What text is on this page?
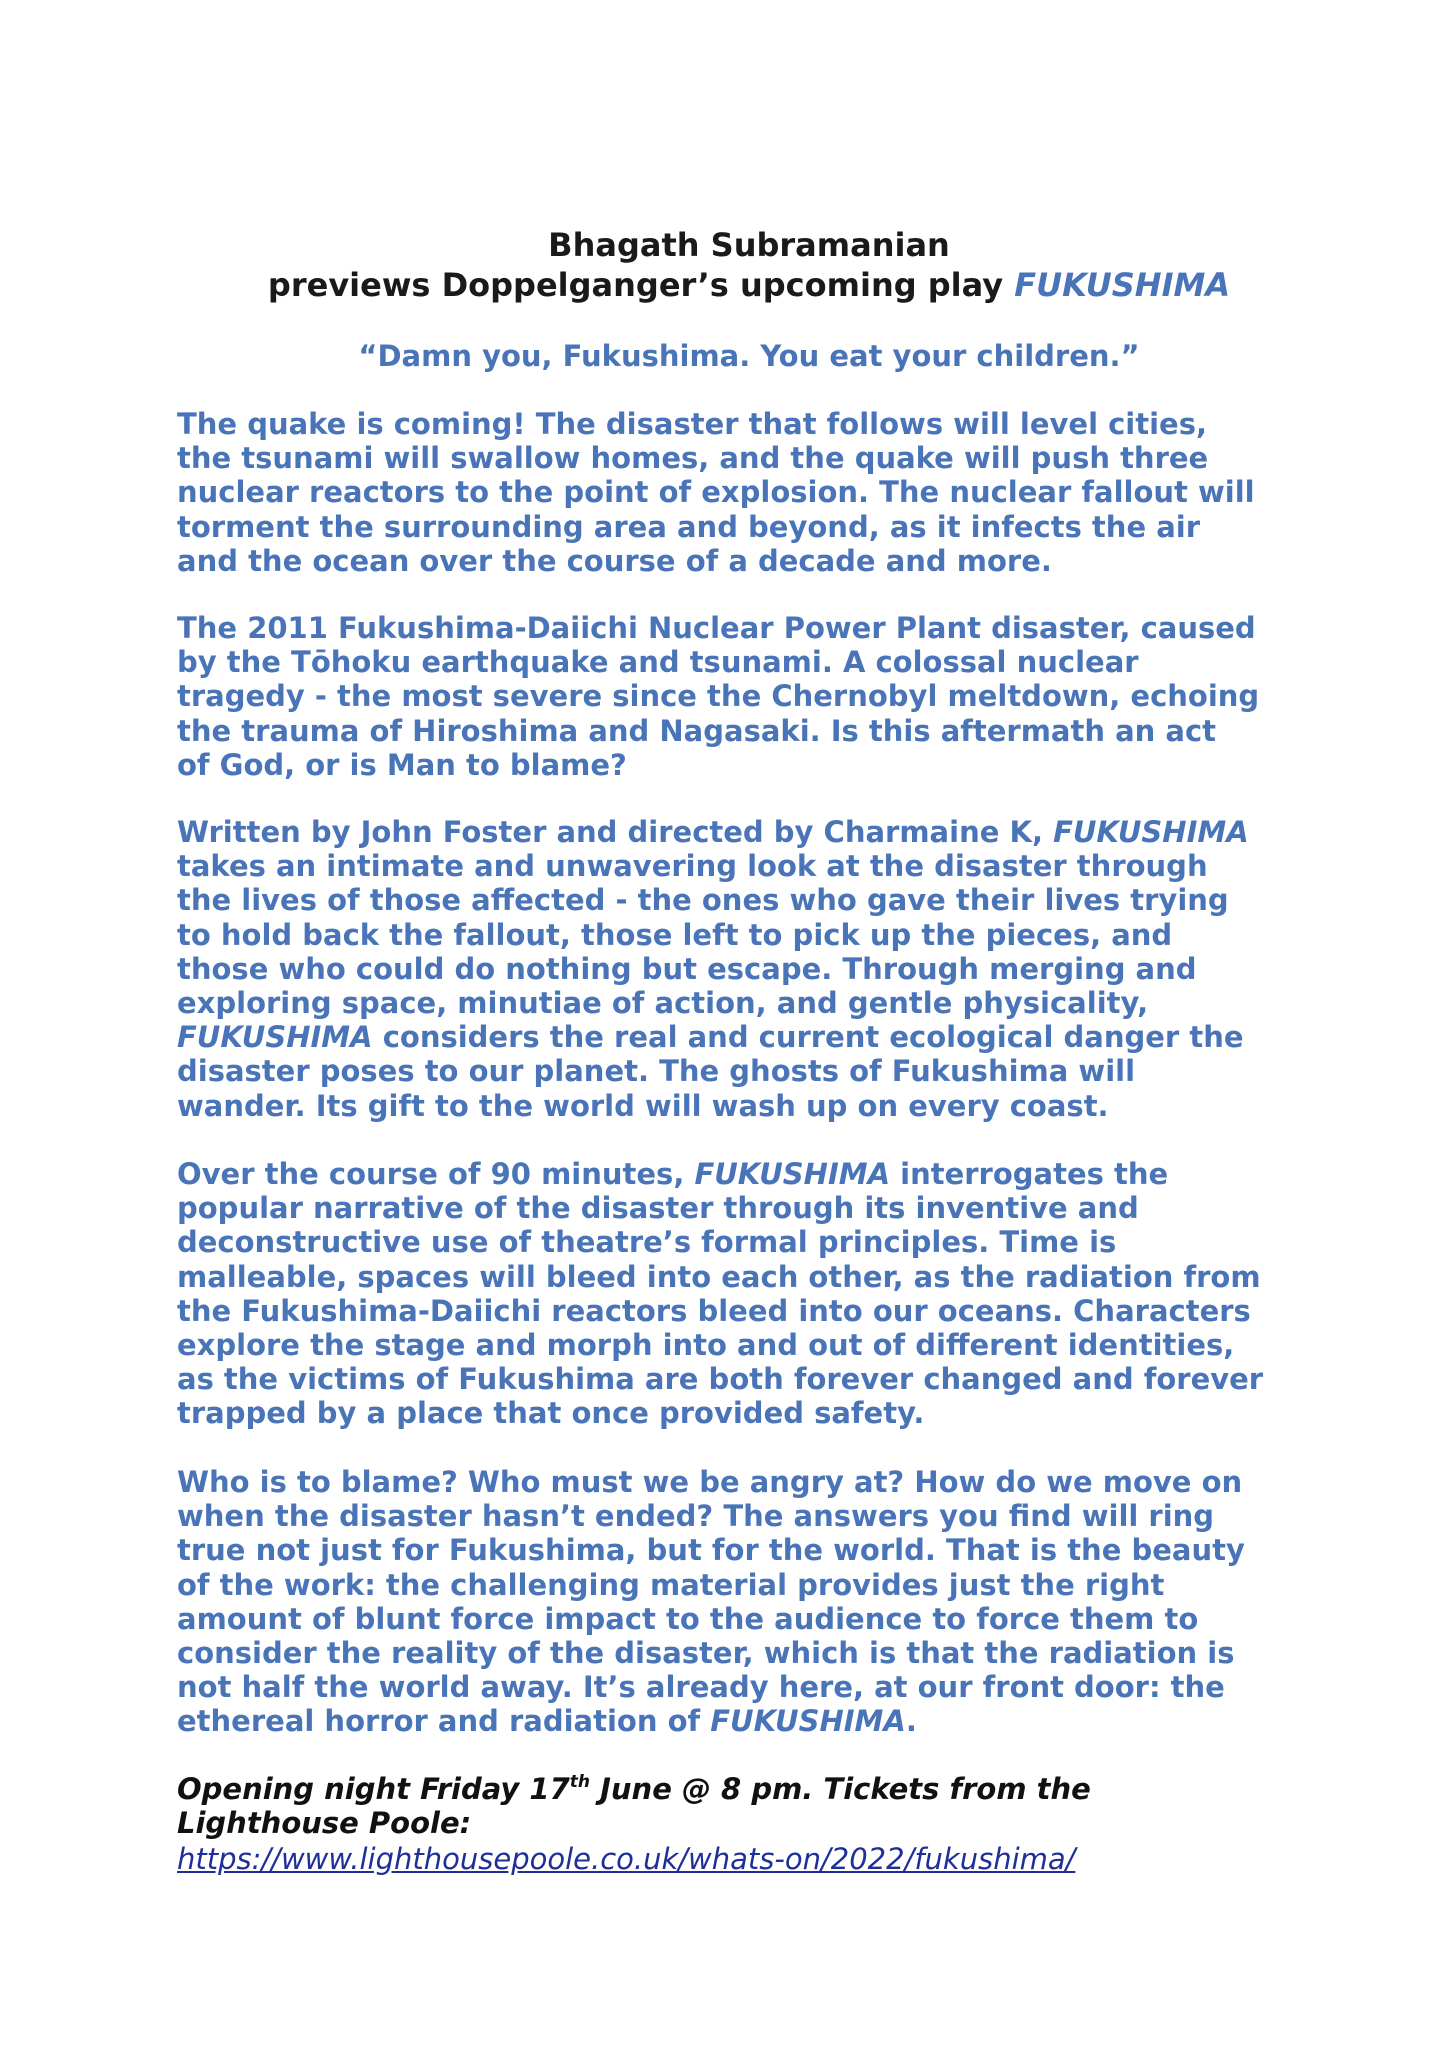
Bhagath Subramanian
previews Doppelganger’s upcoming play FUKUSHIMA
“Damn you, Fukushima. You eat your children.”
The quake is coming! The disaster that follows will level cities,
the tsunami will swallow homes, and the quake will push three
nuclear reactors to the point of explosion. The nuclear fallout will
torment the surrounding area and beyond, as it infects the air
and the ocean over the course of a decade and more.
The 2011 Fukushima-Daiichi Nuclear Power Plant disaster, caused
by the Tōhoku earthquake and tsunami. A colossal nuclear
tragedy - the most severe since the Chernobyl meltdown, echoing
the trauma of Hiroshima and Nagasaki. Is this aftermath an act
of God, or is Man to blame?
Written by John Foster and directed by Charmaine K, FUKUSHIMA
takes an intimate and unwavering look at the disaster through
the lives of those affected - the ones who gave their lives trying
to hold back the fallout, those left to pick up the pieces, and
those who could do nothing but escape. Through merging and
exploring space, minutiae of action, and gentle physicality,
FUKUSHIMA considers the real and current ecological danger the
disaster poses to our planet. The ghosts of Fukushima will
wander. Its gift to the world will wash up on every coast.
Over the course of 90 minutes, FUKUSHIMA interrogates the
popular narrative of the disaster through its inventive and
deconstructive use of theatre’s formal principles. Time is
malleable, spaces will bleed into each other, as the radiation from
the Fukushima-Daiichi reactors bleed into our oceans. Characters
explore the stage and morph into and out of different identities,
as the victims of Fukushima are both forever changed and forever
trapped by a place that once provided safety.
Who is to blame? Who must we be angry at? How do we move on
when the disaster hasn’t ended? The answers you find will ring
true not just for Fukushima, but for the world. That is the beauty
of the work: the challenging material provides just the right
amount of blunt force impact to the audience to force them to
consider the reality of the disaster, which is that the radiation is
not half the world away. It’s already here, at our front door: the
ethereal horror and radiation of FUKUSHIMA.
Opening night Friday 17th June @ 8 pm. Tickets from the
Lighthouse Poole:
https://www.lighthousepoole.co.uk/whats-on/2022/fukushima/
